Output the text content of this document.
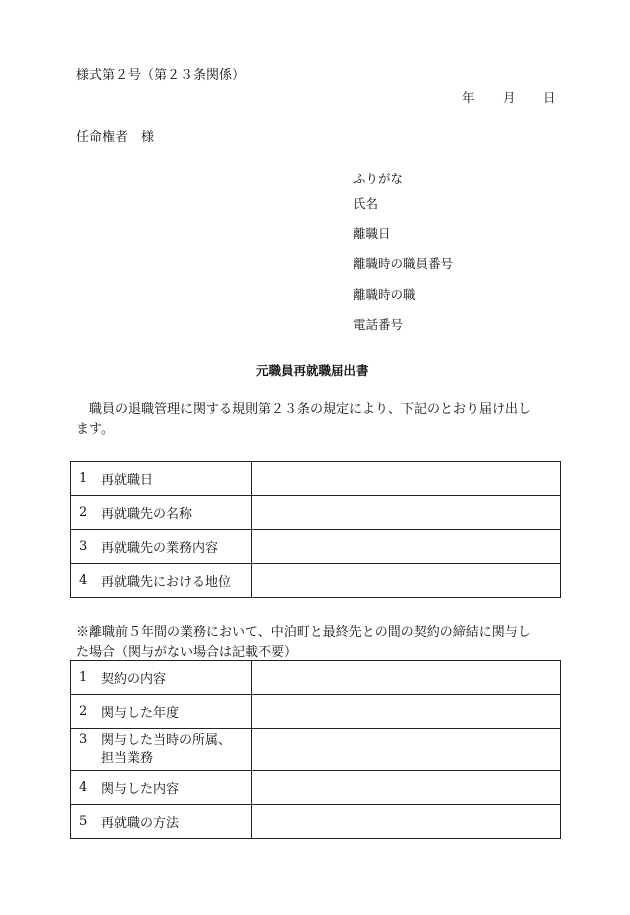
様式第２号（第２３条関係）
年 月 日
任命権者　様
ふりがな
氏名
離職日
離職時の職員番号
離職時の職
電話番号
元職員再就職届出書
職員の退職管理に関する規則第２３条の規定により、下記のとおり届け出し
ます。
1 再就職日	

2 再就職先の名称	

3 再就職先の業務内容	

4 再就職先における地位	

※離職前５年間の業務において、中泊町と最終先との間の契約の締結に関与し
た場合（関与がない場合は記載不要）
1 契約の内容	

2 関与した年度	

3 関与した当時の所属、
担当業務	

4 関与した内容	

5 再就職の方法	
